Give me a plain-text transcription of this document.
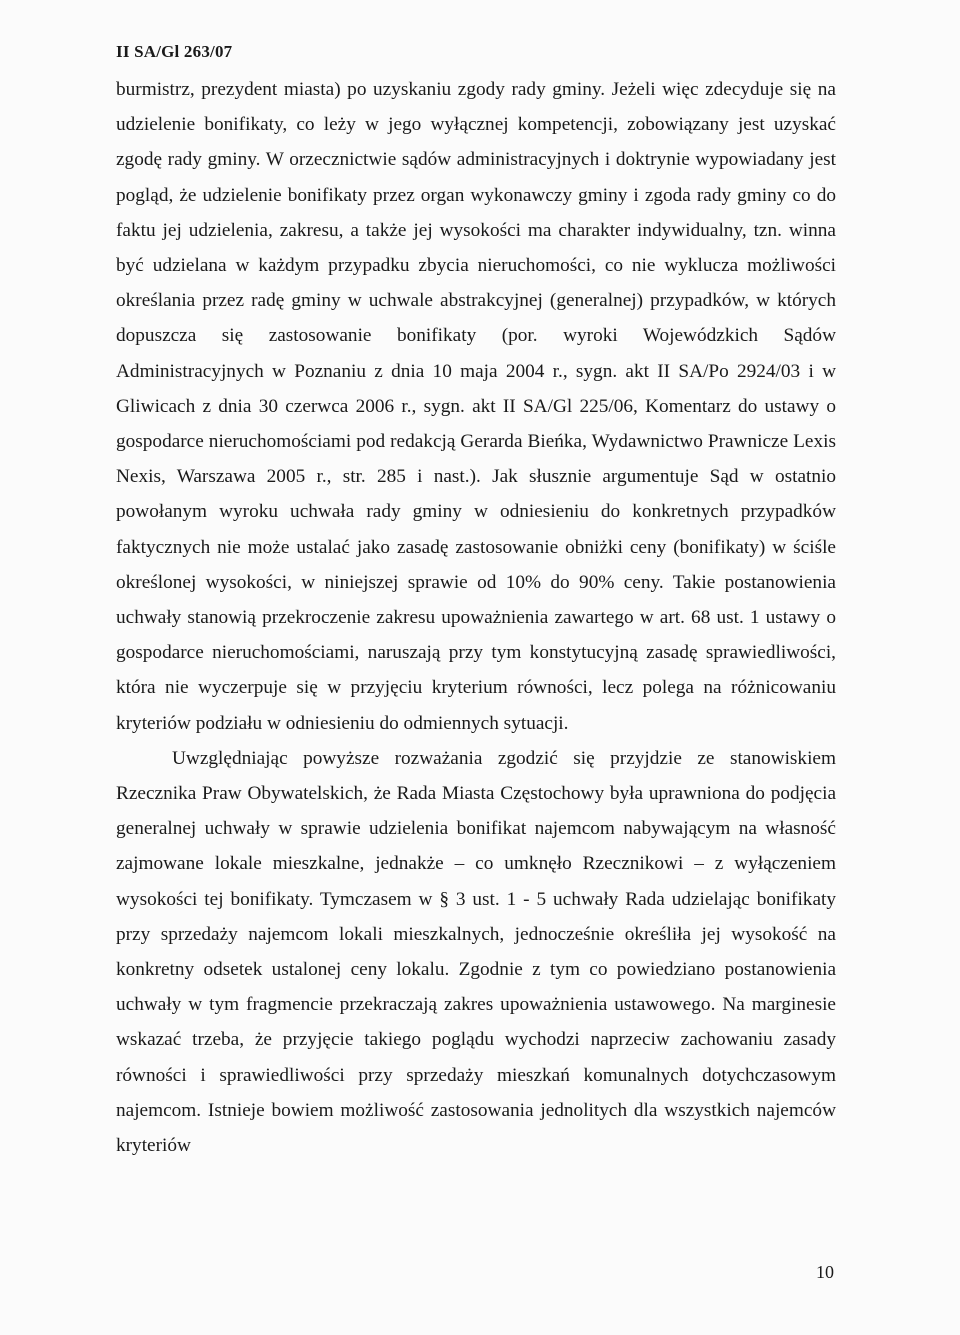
II SA/Gl 263/07

burmistrz, prezydent miasta) po uzyskaniu zgody rady gminy. Jeżeli więc zdecyduje się na udzielenie bonifikaty, co leży w jego wyłącznej kompetencji, zobowiązany jest uzyskać zgodę rady gminy. W orzecznictwie sądów administracyjnych i doktrynie wypowiadany jest pogląd, że udzielenie bonifikaty przez organ wykonawczy gminy i zgoda rady gminy co do faktu jej udzielenia, zakresu, a także jej wysokości ma charakter indywidualny, tzn. winna być udzielana w każdym przypadku zbycia nieruchomości, co nie wyklucza możliwości określania przez radę gminy w uchwale abstrakcyjnej (generalnej) przypadków, w których dopuszcza się zastosowanie bonifikaty (por. wyroki Wojewódzkich Sądów Administracyjnych w Poznaniu z dnia 10 maja 2004 r., sygn. akt II SA/Po 2924/03 i w Gliwicach z dnia 30 czerwca 2006 r., sygn. akt II SA/Gl 225/06, Komentarz do ustawy o gospodarce nieruchomościami pod redakcją Gerarda Bieńka, Wydawnictwo Prawnicze Lexis Nexis, Warszawa 2005 r., str. 285 i nast.). Jak słusznie argumentuje Sąd w ostatnio powołanym wyroku uchwała rady gminy w odniesieniu do konkretnych przypadków faktycznych nie może ustalać jako zasadę zastosowanie obniżki ceny (bonifikaty) w ściśle określonej wysokości, w niniejszej sprawie od 10% do 90% ceny. Takie postanowienia uchwały stanowią przekroczenie zakresu upoważnienia zawartego w art. 68 ust. 1 ustawy o gospodarce nieruchomościami, naruszają przy tym konstytucyjną zasadę sprawiedliwości, która nie wyczerpuje się w przyjęciu kryterium równości, lecz polega na różnicowaniu kryteriów podziału w odniesieniu do odmiennych sytuacji.

Uwzględniając powyższe rozważania zgodzić się przyjdzie ze stanowiskiem Rzecznika Praw Obywatelskich, że Rada Miasta Częstochowy była uprawniona do podjęcia generalnej uchwały w sprawie udzielenia bonifikat najemcom nabywającym na własność zajmowane lokale mieszkalne, jednakże – co umknęło Rzecznikowi – z wyłączeniem wysokości tej bonifikaty. Tymczasem w § 3 ust. 1 - 5 uchwały Rada udzielając bonifikaty przy sprzedaży najemcom lokali mieszkalnych, jednocześnie określiła jej wysokość na konkretny odsetek ustalonej ceny lokalu. Zgodnie z tym co powiedziano postanowienia uchwały w tym fragmencie przekraczają zakres upoważnienia ustawowego. Na marginesie wskazać trzeba, że przyjęcie takiego poglądu wychodzi naprzeciw zachowaniu zasady równości i sprawiedliwości przy sprzedaży mieszkań komunalnych dotychczasowym najemcom. Istnieje bowiem możliwość zastosowania jednolitych dla wszystkich najemców kryteriów

10
